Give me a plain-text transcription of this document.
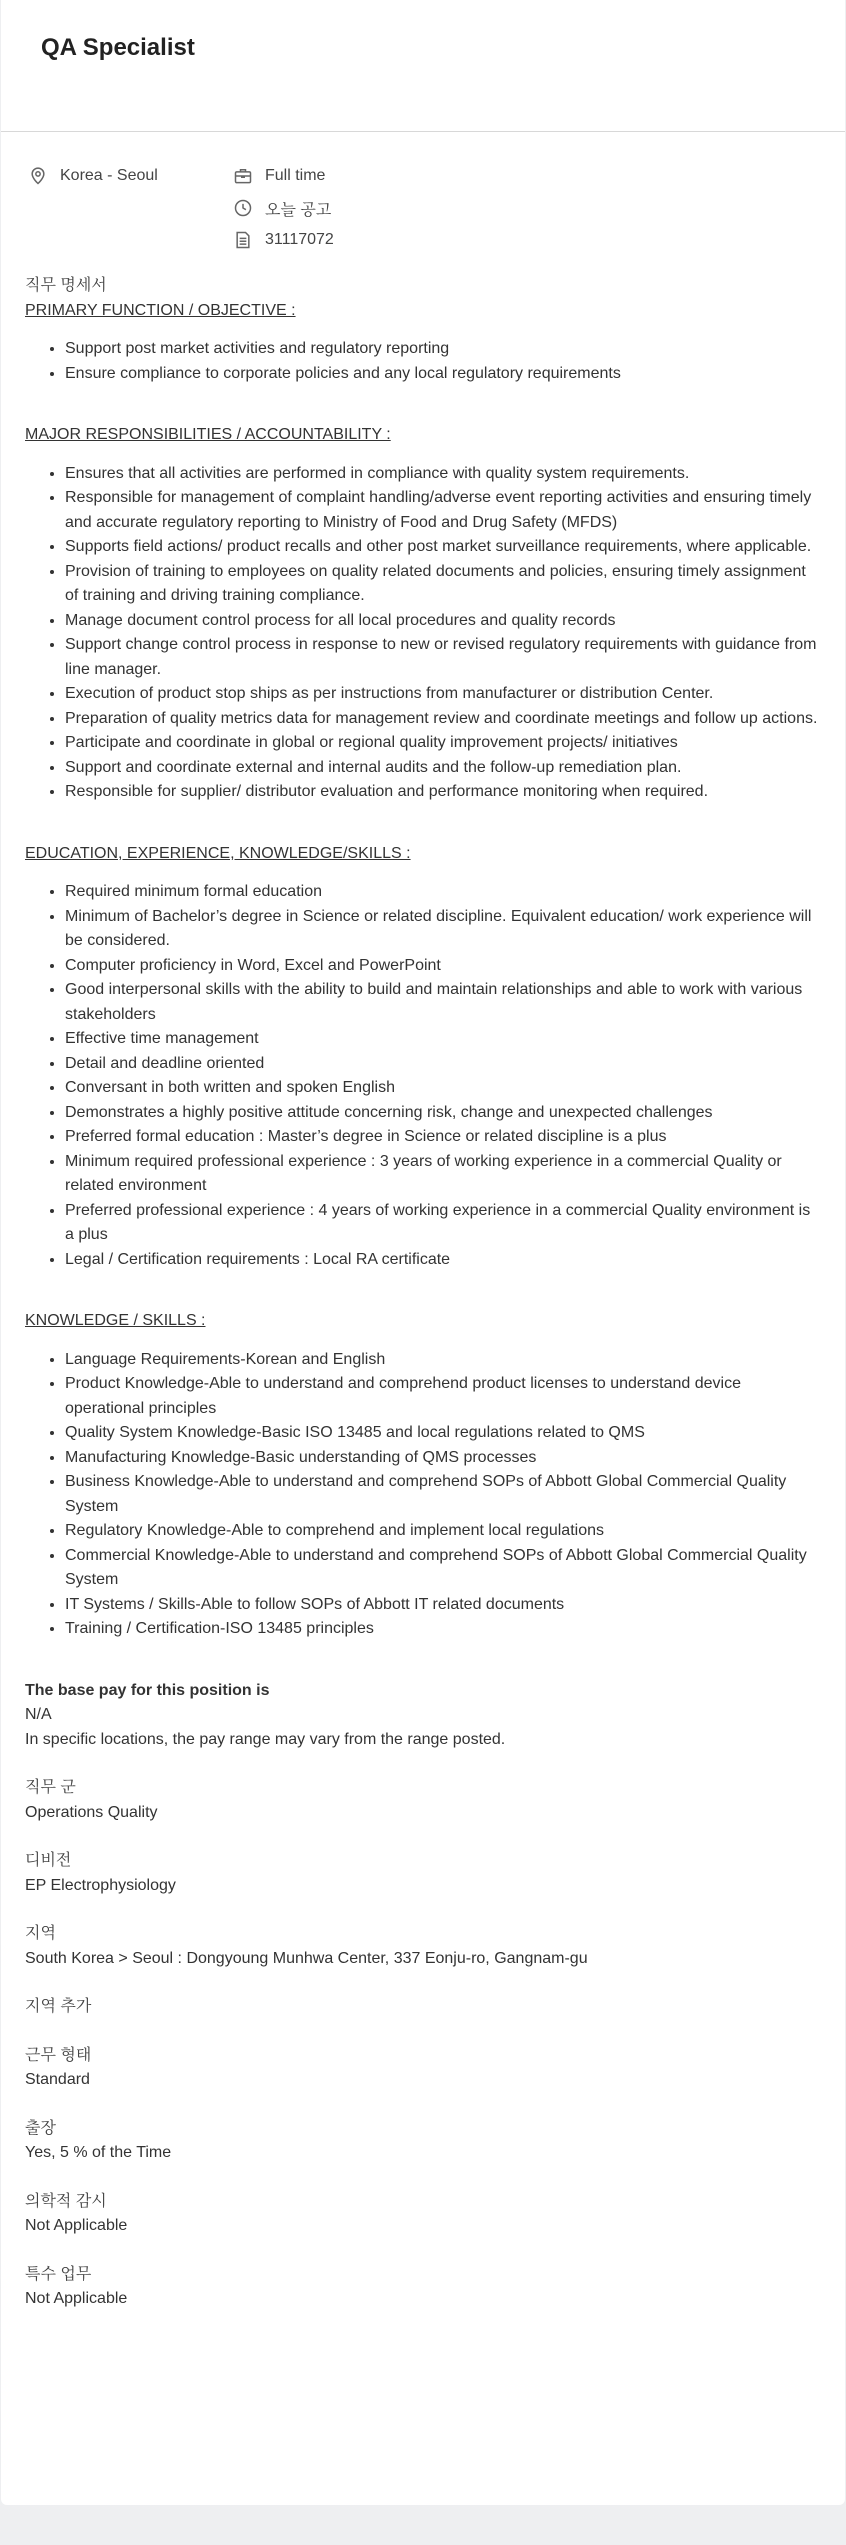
QA Specialist
Korea - Seoul	Full time
오늘 공고
31117072
직무 명세서
PRIMARY FUNCTION / OBJECTIVE :
• Support post market activities and regulatory reporting
• Ensure compliance to corporate policies and any local regulatory requirements
MAJOR RESPONSIBILITIES / ACCOUNTABILITY :
• Ensures that all activities are performed in compliance with quality system requirements.
• Responsible for management of complaint handling/adverse event reporting activities and ensuring timely and accurate regulatory reporting to Ministry of Food and Drug Safety (MFDS)
• Supports field actions/ product recalls and other post market surveillance requirements, where applicable.
• Provision of training to employees on quality related documents and policies, ensuring timely assignment of training and driving training compliance.
• Manage document control process for all local procedures and quality records
• Support change control process in response to new or revised regulatory requirements with guidance from line manager.
• Execution of product stop ships as per instructions from manufacturer or distribution Center.
• Preparation of quality metrics data for management review and coordinate meetings and follow up actions.
• Participate and coordinate in global or regional quality improvement projects/ initiatives
• Support and coordinate external and internal audits and the follow-up remediation plan.
• Responsible for supplier/ distributor evaluation and performance monitoring when required.
EDUCATION, EXPERIENCE, KNOWLEDGE/SKILLS :
• Required minimum formal education
• Minimum of Bachelor’s degree in Science or related discipline. Equivalent education/ work experience will be considered.
• Computer proficiency in Word, Excel and PowerPoint
• Good interpersonal skills with the ability to build and maintain relationships and able to work with various stakeholders
• Effective time management
• Detail and deadline oriented
• Conversant in both written and spoken English
• Demonstrates a highly positive attitude concerning risk, change and unexpected challenges
• Preferred formal education : Master’s degree in Science or related discipline is a plus
• Minimum required professional experience : 3 years of working experience in a commercial Quality or related environment
• Preferred professional experience : 4 years of working experience in a commercial Quality environment is a plus
• Legal / Certification requirements : Local RA certificate
KNOWLEDGE / SKILLS :
• Language Requirements-Korean and English
• Product Knowledge-Able to understand and comprehend product licenses to understand device operational principles
• Quality System Knowledge-Basic ISO 13485 and local regulations related to QMS
• Manufacturing Knowledge-Basic understanding of QMS processes
• Business Knowledge-Able to understand and comprehend SOPs of Abbott Global Commercial Quality System
• Regulatory Knowledge-Able to comprehend and implement local regulations
• Commercial Knowledge-Able to understand and comprehend SOPs of Abbott Global Commercial Quality System
• IT Systems / Skills-Able to follow SOPs of Abbott IT related documents
• Training / Certification-ISO 13485 principles
The base pay for this position is
N/A
In specific locations, the pay range may vary from the range posted.
직무 군
Operations Quality
디비전
EP Electrophysiology
지역
South Korea > Seoul : Dongyoung Munhwa Center, 337 Eonju-ro, Gangnam-gu
지역 추가
근무 형태
Standard
출장
Yes, 5 % of the Time
의학적 감시
Not Applicable
특수 업무
Not Applicable
